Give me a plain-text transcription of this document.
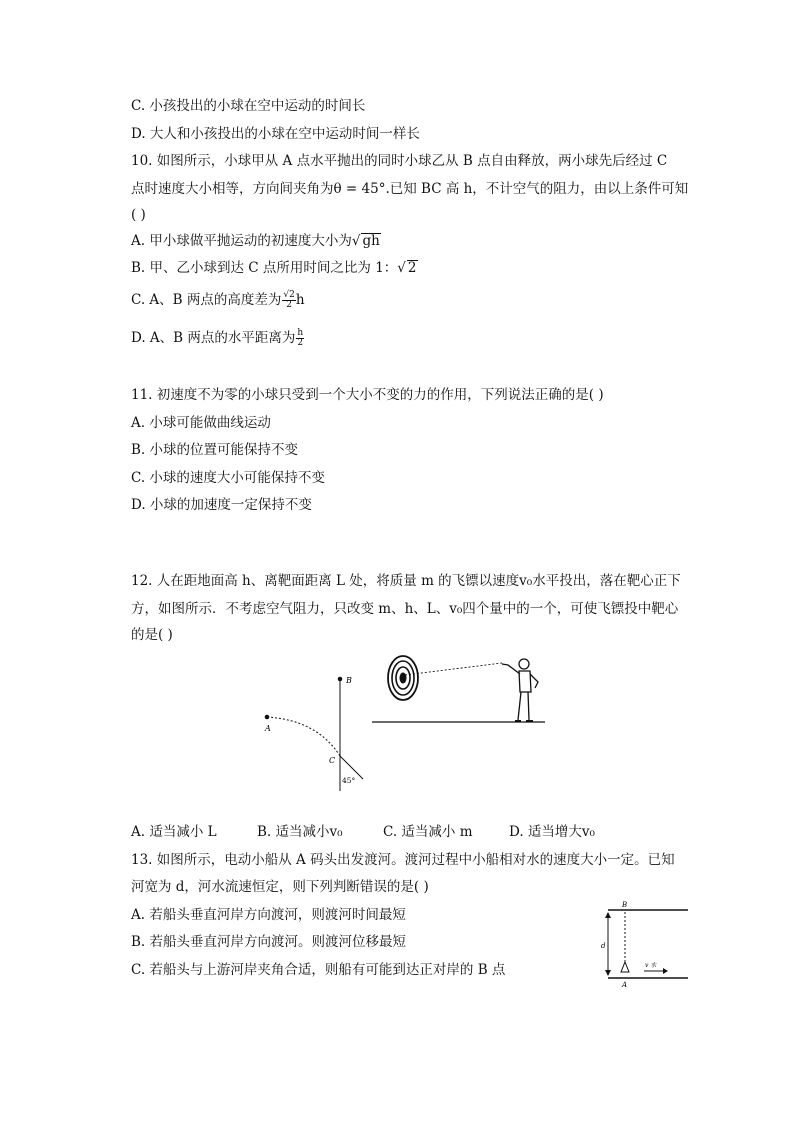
C. 小孩投出的小球在空中运动的时间长
D. 大人和小孩投出的小球在空中运动时间一样长
10. 如图所示，小球甲从 A 点水平抛出的同时小球乙从 B 点自由释放，两小球先后经过 C
点时速度大小相等，方向间夹角为θ = 45°.已知 BC 高 h，不计空气的阻力，由以上条件可知
( )
A. 甲小球做平抛运动的初速度大小为√ gh
B. 甲、乙小球到达 C 点所用时间之比为 1：√ 2
C. A、B 两点的高度差为 $\frac{√2}{2}$ h
D. A、B 两点的水平距离为 $\frac{h}{2}$
11. 初速度不为零的小球只受到一个大小不变的力的作用，下列说法正确的是( )
A. 小球可能做曲线运动
B. 小球的位置可能保持不变
C. 小球的速度大小可能保持不变
D. 小球的加速度一定保持不变
12. 人在距地面高 h、离靶面距离 L 处，将质量 m 的飞镖以速度v₀水平投出，落在靶心正下
方，如图所示．不考虑空气阻力，只改变 m、h、L、v₀四个量中的一个，可使飞镖投中靶心
的是( )
B
A
C
45°
A. 适当减小 L	B. 适当减小v₀	C. 适当减小 m	D. 适当增大v₀
13. 如图所示，电动小船从 A 码头出发渡河。渡河过程中小船相对水的速度大小一定。已知
河宽为 d，河水流速恒定，则下列判断错误的是( )
A. 若船头垂直河岸方向渡河，则渡河时间最短
B. 若船头垂直河岸方向渡河。则渡河位移最短
C. 若船头与上游河岸夹角合适，则船有可能到达正对岸的 B 点
B
A
d
v 水
